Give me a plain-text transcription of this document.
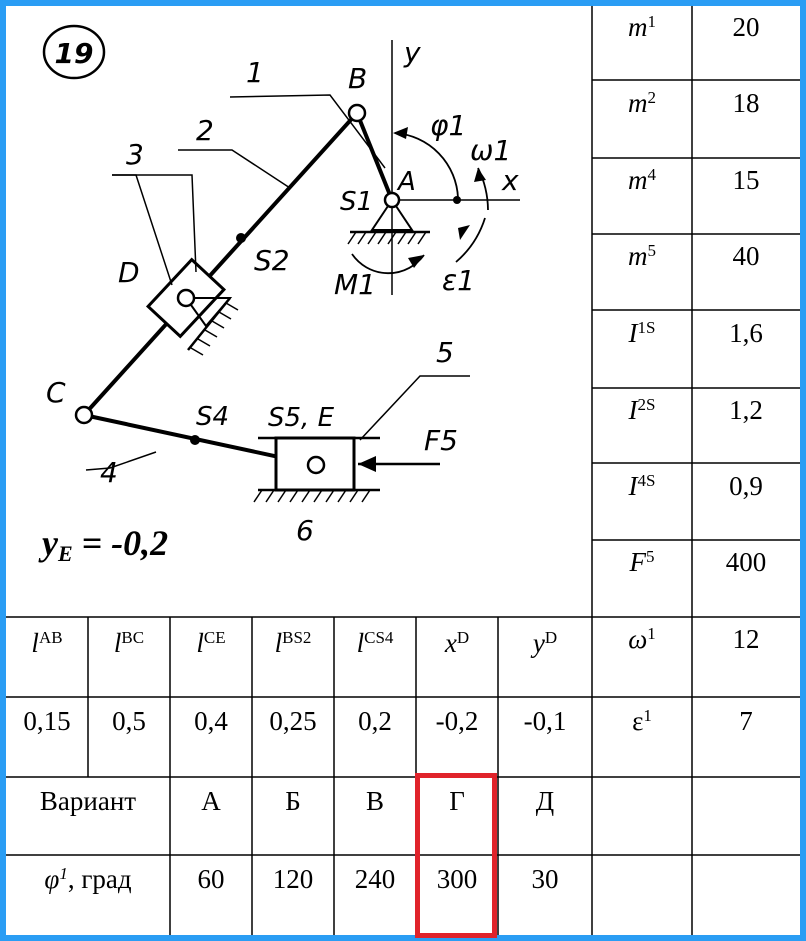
19	y
x
1
2
3
4
5
6
B
A
C
D
φ1
ω1
S1
S2
S4 S5, E
M1 ε1
F5
$y_E = -0,2$
$m^1$	20
$m^2$	18
$m^4$	15
$m^5$	40
$I^{1S}$	1,6
$I^{2S}$	1,2
$I^{4S}$	0,9
$F^5$	400
$\omega^1$	12
$\varepsilon^1$	7
$l^{AB}$ $l^{BC}$ $l^{CE}$ $l^{BS2}$ $l^{CS4}$ $x^D$ $y^D$
0,15	0,5	0,4	0,25	0,2	-0,2	-0,1
Вариант	А	Б	В	Г	Д
$\varphi^1$ , град	60	120	240	300	30
